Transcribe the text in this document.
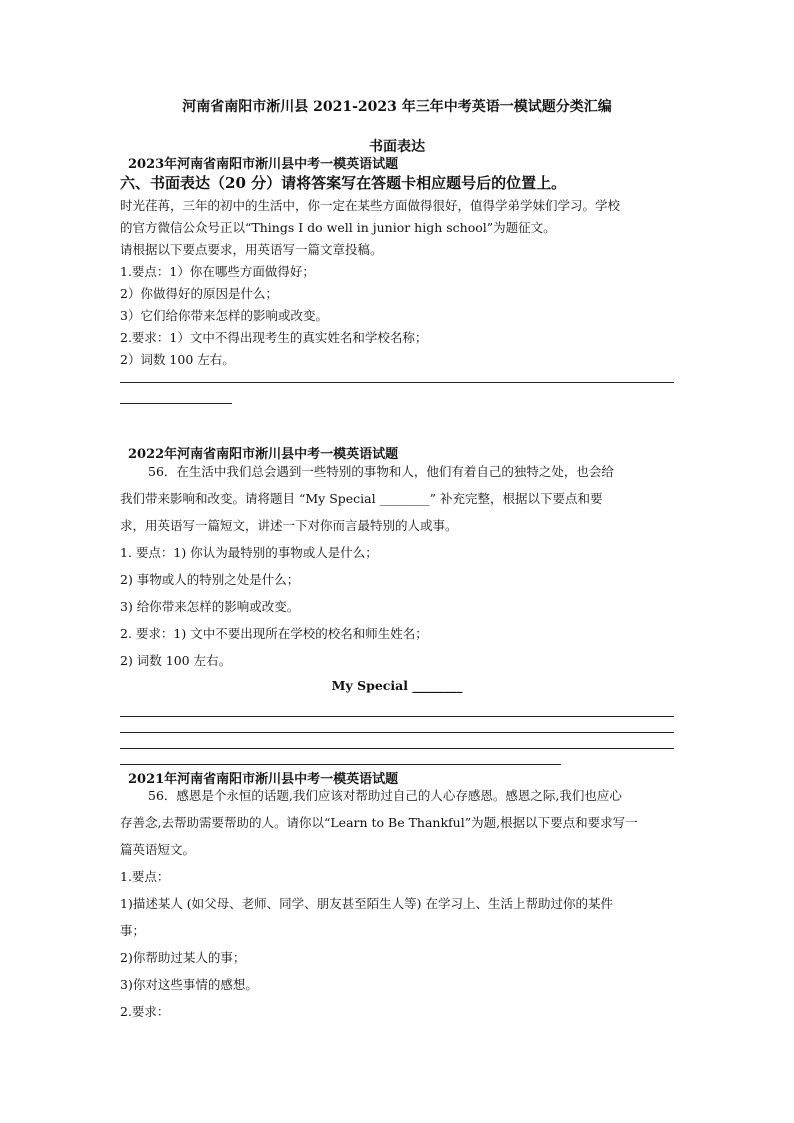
河南省南阳市淅川县 2021-2023 年三年中考英语一模试题分类汇编
书面表达
2023年河南省南阳市淅川县中考一模英语试题
六、书面表达（20 分）请将答案写在答题卡相应题号后的位置上。
时光荏苒，三年的初中的生活中，你一定在某些方面做得很好，值得学弟学妹们学习。学校
的官方微信公众号正以“Things I do well in junior high school”为题征文。
请根据以下要点要求，用英语写一篇文章投稿。
1.要点：1）你在哪些方面做得好；
2）你做得好的原因是什么；
3）它们给你带来怎样的影响或改变。
2.要求：1）文中不得出现考生的真实姓名和学校名称；
2）词数 100 左右。
2022年河南省南阳市淅川县中考一模英语试题
56．在生活中我们总会遇到一些特别的事物和人，他们有着自己的独特之处，也会给
我们带来影响和改变。请将题目 “My Special ________” 补充完整，根据以下要点和要
求，用英语写一篇短文，讲述一下对你而言最特别的人或事。
1. 要点：1) 你认为最特别的事物或人是什么；
2) 事物或人的特别之处是什么；
3) 给你带来怎样的影响或改变。
2. 要求：1) 文中不要出现所在学校的校名和师生姓名；
2) 词数 100 左右。
My Special ________
2021年河南省南阳市淅川县中考一模英语试题
56．感恩是个永恒的话题,我们应该对帮助过自己的人心存感恩。感恩之际,我们也应心
存善念,去帮助需要帮助的人。请你以“Learn to Be Thankful”为题,根据以下要点和要求写一
篇英语短文。
1.要点：
1)描述某人 (如父母、老师、同学、朋友甚至陌生人等) 在学习上、生活上帮助过你的某件
事；
2)你帮助过某人的事；
3)你对这些事情的感想。
2.要求：
